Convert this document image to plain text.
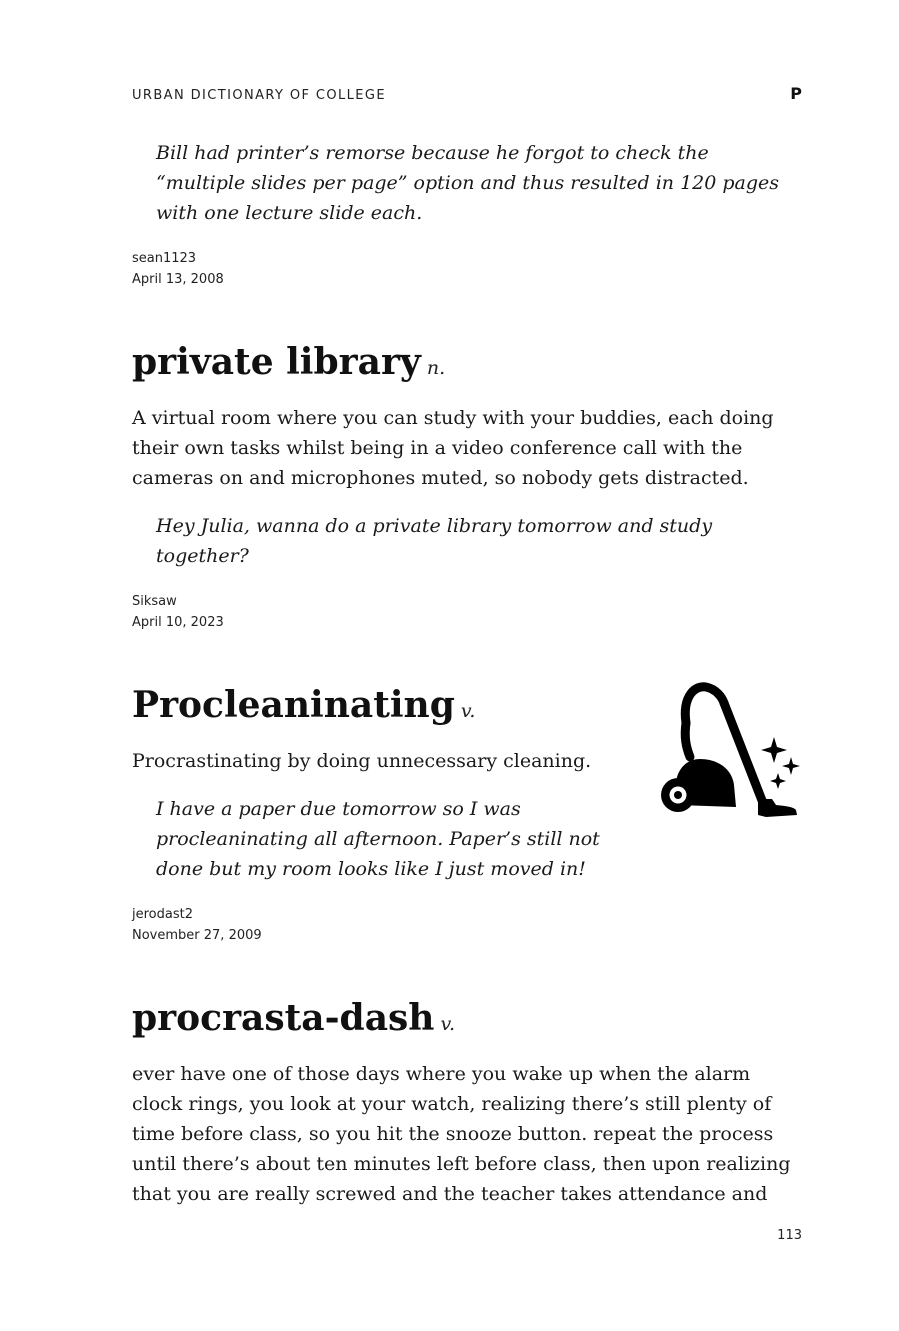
URBAN DICTIONARY OF COLLEGE	P

Bill had printer’s remorse because he forgot to check the “multiple slides per page” option and thus resulted in 120 pages with one lecture slide each.

sean1123
April 13, 2008
private library n.

A virtual room where you can study with your buddies, each doing their own tasks whilst being in a video conference call with the cameras on and microphones muted, so nobody gets distracted.

Hey Julia, wanna do a private library tomorrow and study together?

Siksaw
April 10, 2023
Procleaninating v.

Procrastinating by doing unnecessary cleaning.

I have a paper due tomorrow so I was procleaninating all afternoon. Paper’s still not done but my room looks like I just moved in!

jerodast2
November 27, 2009
procrasta-dash v.

ever have one of those days where you wake up when the alarm clock rings, you look at your watch, realizing there’s still plenty of time before class, so you hit the snooze button. repeat the process until there’s about ten minutes left before class, then upon realizing that you are really screwed and the teacher takes attendance and

113
